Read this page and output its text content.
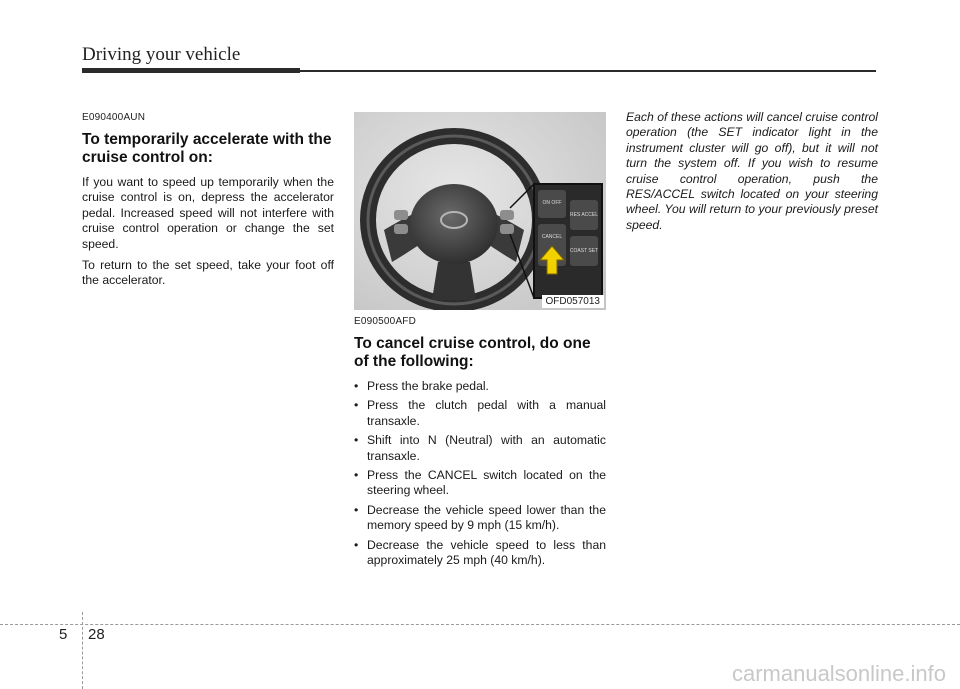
Driving your vehicle
E090400AUN
To temporarily accelerate with the cruise control on:

If you want to speed up temporarily when the cruise control is on, depress the accelerator pedal. Increased speed will not interfere with cruise control operation or change the set speed.

To return to the set speed, take your foot off the accelerator.

ON OFF
RES ACCEL
CANCEL
COAST SET
OFD057013
E090500AFD
To cancel cruise control, do one of the following:
• Press the brake pedal.
• Press the clutch pedal with a manual transaxle.
• Shift into N (Neutral) with an automatic transaxle.
• Press the CANCEL switch located on the steering wheel.
• Decrease the vehicle speed lower than the memory speed by 9 mph (15 km/h).
• Decrease the vehicle speed to less than approximately 25 mph (40 km/h).

Each of these actions will cancel cruise control operation (the SET indicator light in the instrument cluster will go off), but it will not turn the system off. If you wish to resume cruise control operation, push the RES/ACCEL switch located on your steering wheel. You will return to your previously preset speed.

5 28
carmanualsonline.info
